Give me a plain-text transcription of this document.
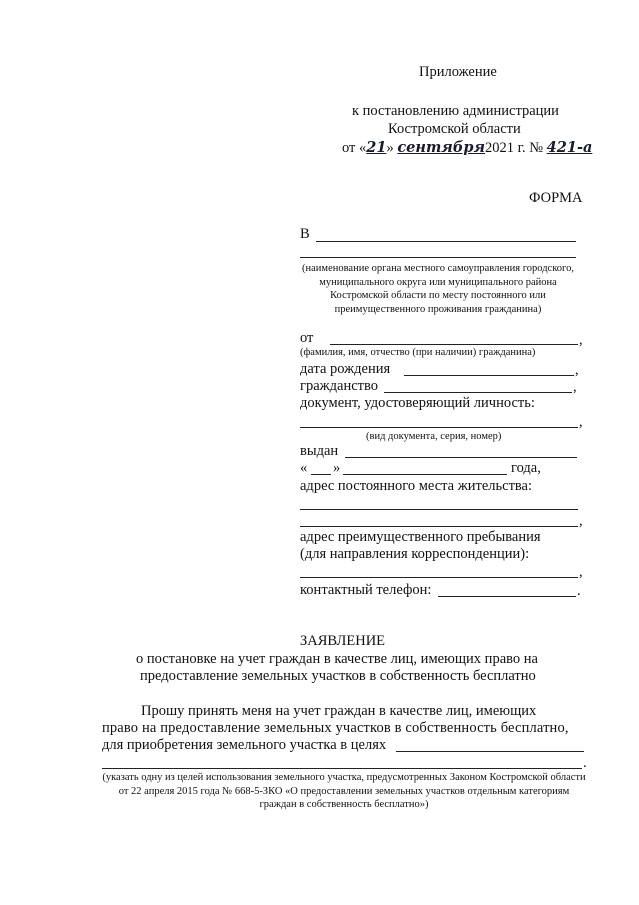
Приложение
к постановлению администрации
Костромской области
от «21» сентября2021 г. № 421-а
ФОРМА
В
(наименование органа местного самоуправления городского, муниципального округа или муниципального района Костромской области по месту постоянного или преимущественного проживания гражданина)
от	,
(фамилия, имя, отчество (при наличии) гражданина)
дата рождения	,
гражданство	,
документ, удостоверяющий личность:
,
(вид документа, серия, номер)
выдан
« »	года,
адрес постоянного места жительства:
,
адрес преимущественного пребывания
(для направления корреспонденции):
,
контактный телефон:	.
ЗАЯВЛЕНИЕ
о постановке на учет граждан в качестве лиц, имеющих право на
предоставление земельных участков в собственность бесплатно
Прошу принять меня на учет граждан в качестве лиц, имеющих
право на предоставление земельных участков в собственность бесплатно,
для приобретения земельного участка в целях
.
(указать одну из целей использования земельного участка, предусмотренных Законом Костромской области от 22 апреля 2015 года № 668-5-ЗКО «О предоставлении земельных участков отдельным категориям граждан в собственность бесплатно»)
